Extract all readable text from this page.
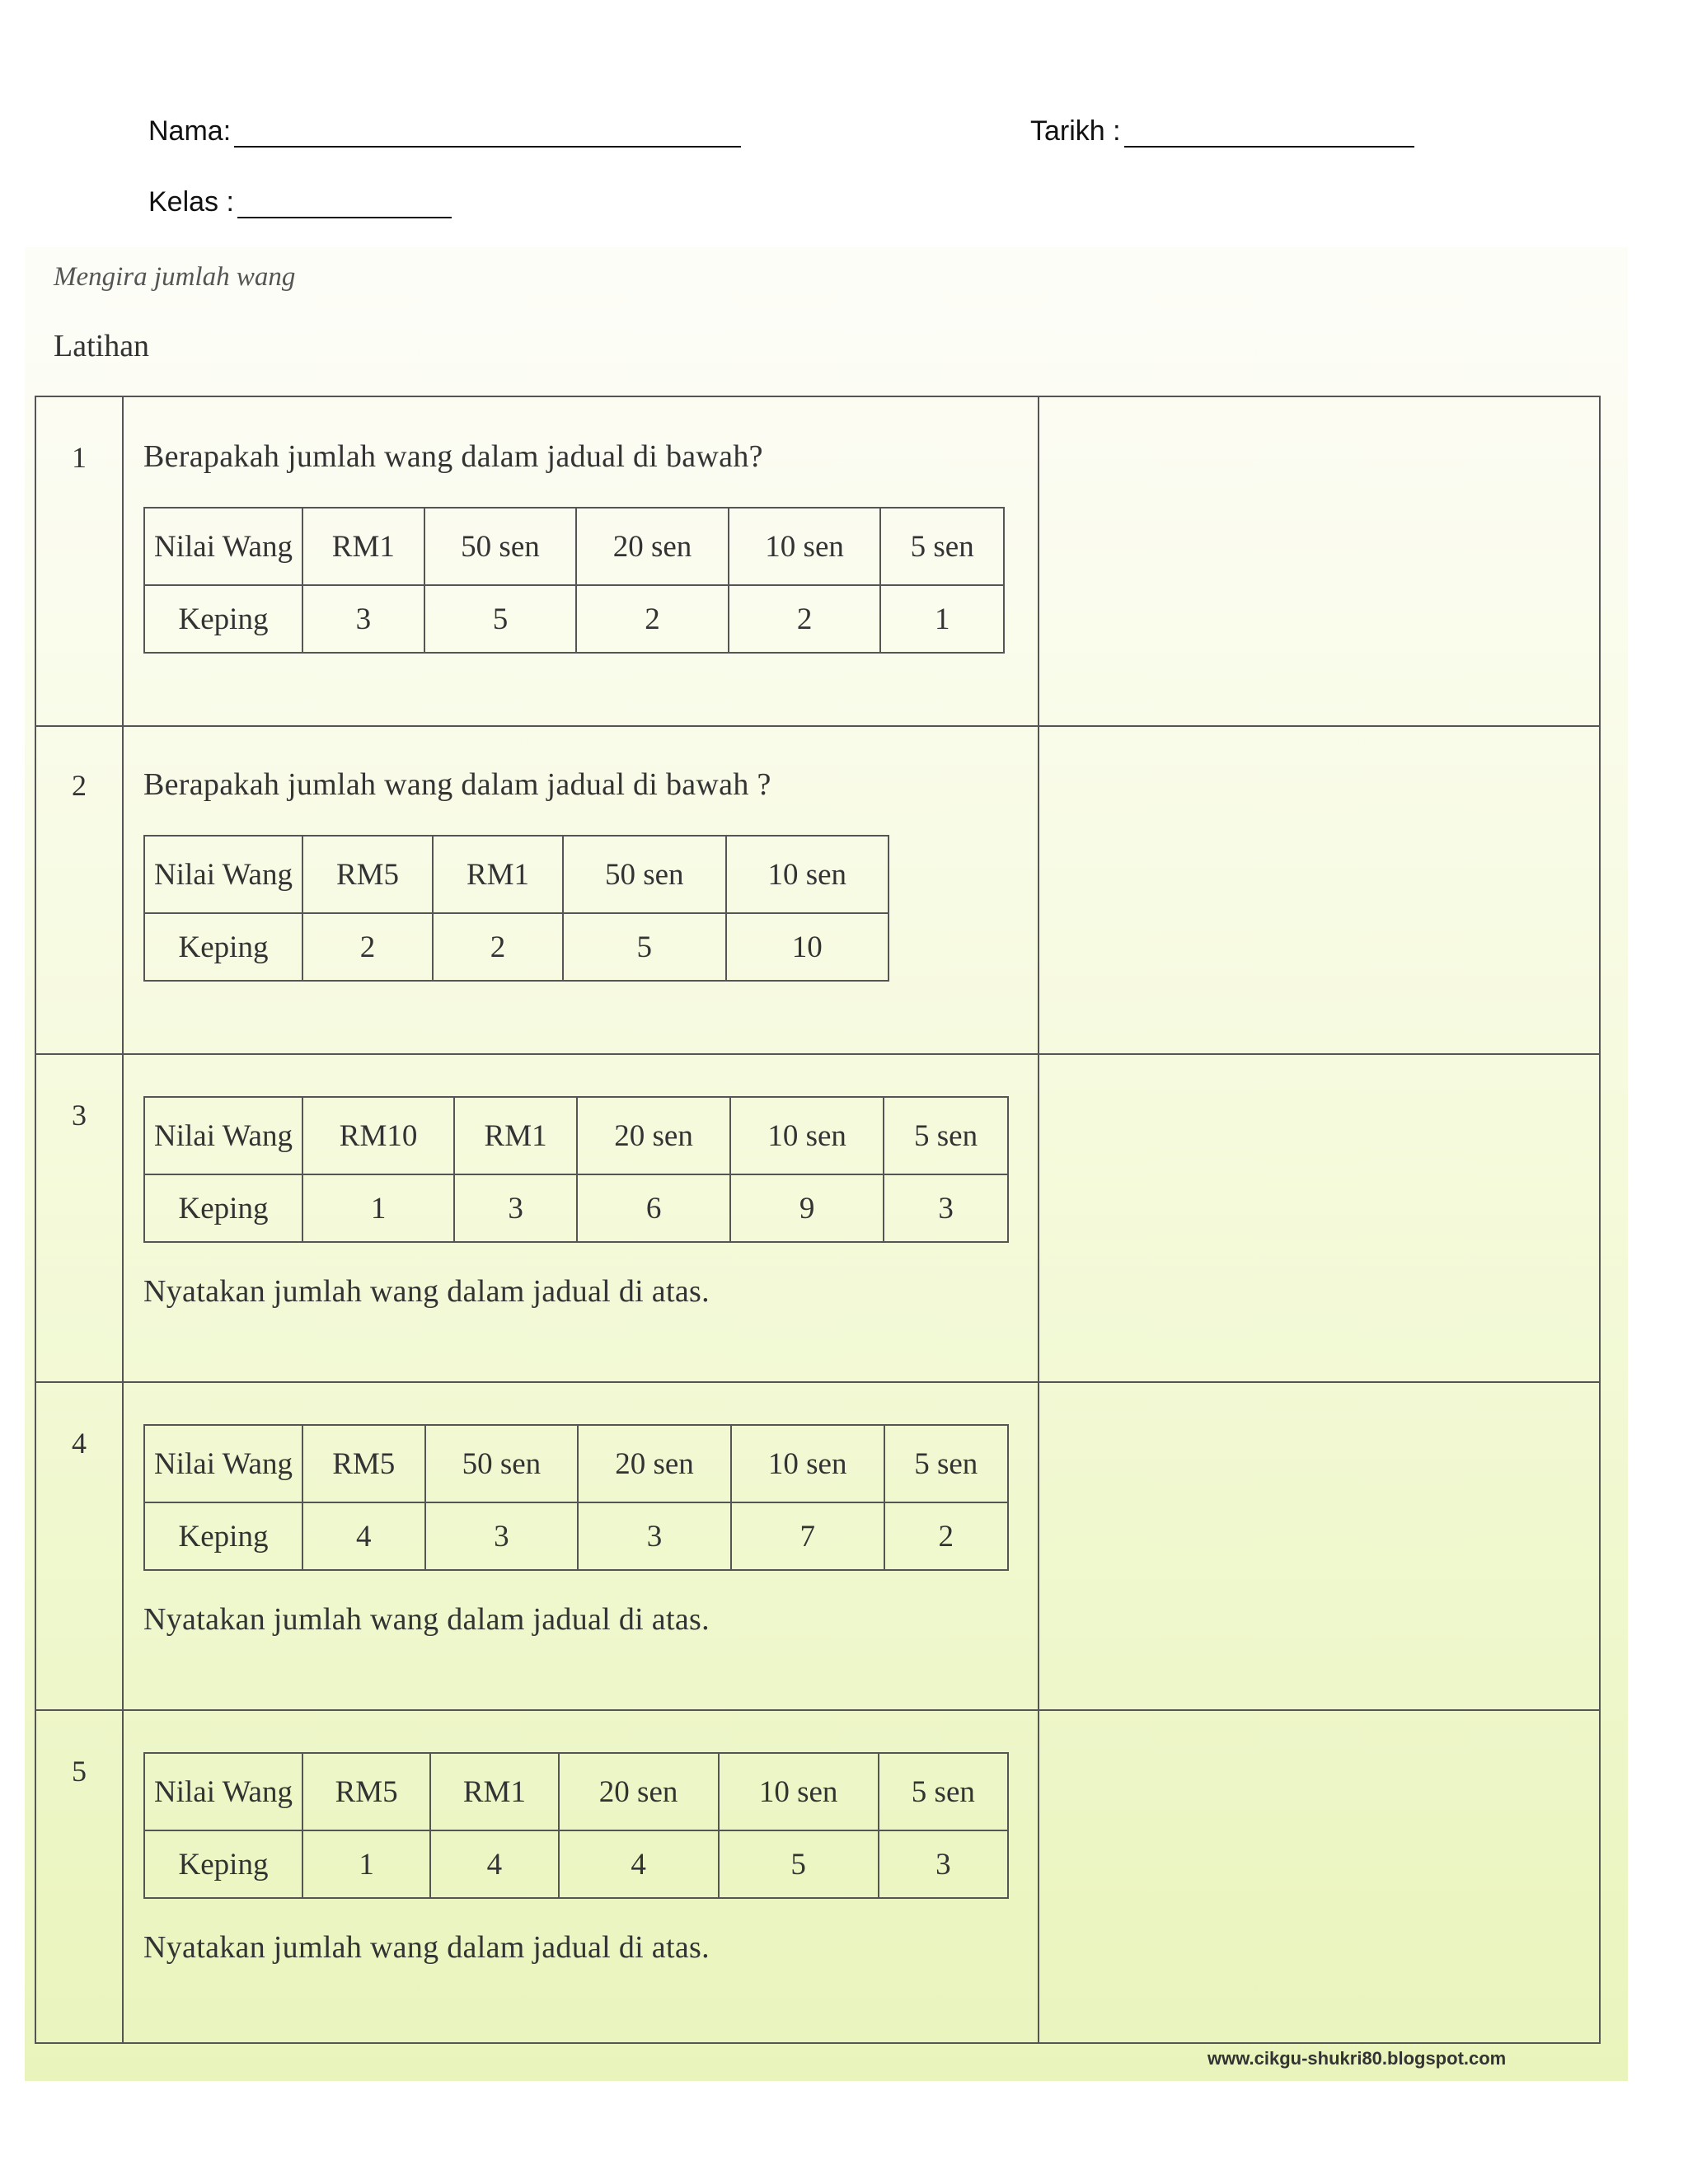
Nama:	Tarikh :
Kelas :
Mengira jumlah wang
Latihan
1	Berapakah jumlah wang dalam jadual di bawah?
Nilai Wang	RM1	50 sen	20 sen	10 sen	5 sen
Keping	3	5	2	2	1
2	Berapakah jumlah wang dalam jadual di bawah ?
Nilai Wang	RM5	RM1	50 sen	10 sen
Keping	2	2	5	10
3
Nilai Wang	RM10	RM1	20 sen	10 sen	5 sen
Keping	1	3	6	9	3
Nyatakan jumlah wang dalam jadual di atas.
4
Nilai Wang	RM5	50 sen	20 sen	10 sen	5 sen
Keping	4	3	3	7	2
Nyatakan jumlah wang dalam jadual di atas.
5
Nilai Wang	RM5	RM1	20 sen	10 sen	5 sen
Keping	1	4	4	5	3
Nyatakan jumlah wang dalam jadual di atas.
www.cikgu-shukri80.blogspot.com
